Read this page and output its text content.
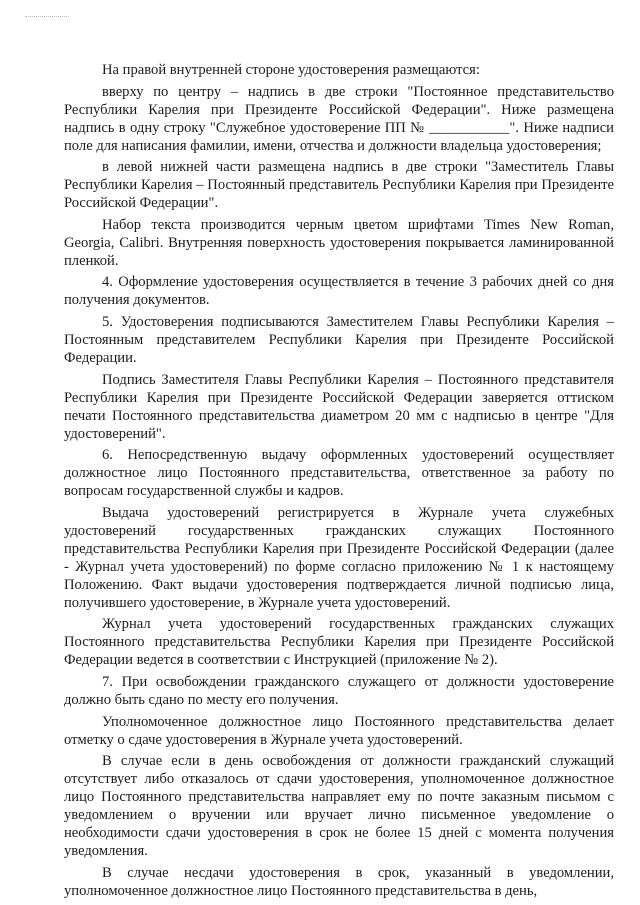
На правой внутренней стороне удостоверения размещаются:

вверху по центру – надпись в две строки "Постоянное представительство Республики Карелия при Президенте Российской Федерации". Ниже размещена надпись в одну строку "Служебное удостоверение ПП № ___________". Ниже надписи поле для написания фамилии, имени, отчества и должности владельца удостоверения;

в левой нижней части размещена надпись в две строки "Заместитель Главы Республики Карелия – Постоянный представитель Республики Карелия при Президенте Российской Федерации".

Набор текста производится черным цветом шрифтами Times New Roman, Georgia, Calibri. Внутренняя поверхность удостоверения покрывается ламинированной пленкой.

4. Оформление удостоверения осуществляется в течение 3 рабочих дней со дня получения документов.

5. Удостоверения подписываются Заместителем Главы Республики Карелия – Постоянным представителем Республики Карелия при Президенте Российской Федерации.

Подпись Заместителя Главы Республики Карелия – Постоянного представителя Республики Карелия при Президенте Российской Федерации заверяется оттиском печати Постоянного представительства диаметром 20 мм с надписью в центре "Для удостоверений".

6. Непосредственную выдачу оформленных удостоверений осуществляет должностное лицо Постоянного представительства, ответственное за работу по вопросам государственной службы и кадров.

Выдача удостоверений регистрируется в Журнале учета служебных удостоверений государственных гражданских служащих Постоянного представительства Республики Карелия при Президенте Российской Федерации (далее - Журнал учета удостоверений) по форме согласно приложению № 1 к настоящему Положению. Факт выдачи удостоверения подтверждается личной подписью лица, получившего удостоверение, в Журнале учета удостоверений.

Журнал учета удостоверений государственных гражданских служащих Постоянного представительства Республики Карелия при Президенте Российской Федерации ведется в соответствии с Инструкцией (приложение № 2).

7. При освобождении гражданского служащего от должности удостоверение должно быть сдано по месту его получения.

Уполномоченное должностное лицо Постоянного представительства делает отметку о сдаче удостоверения в Журнале учета удостоверений.

В случае если в день освобождения от должности гражданский служащий отсутствует либо отказалось от сдачи удостоверения, уполномоченное должностное лицо Постоянного представительства направляет ему по почте заказным письмом с уведомлением о вручении или вручает лично письменное уведомление о необходимости сдачи удостоверения в срок не более 15 дней с момента получения уведомления.

В случае несдачи удостоверения в срок, указанный в уведомлении, уполномоченное должностное лицо Постоянного представительства в день,
